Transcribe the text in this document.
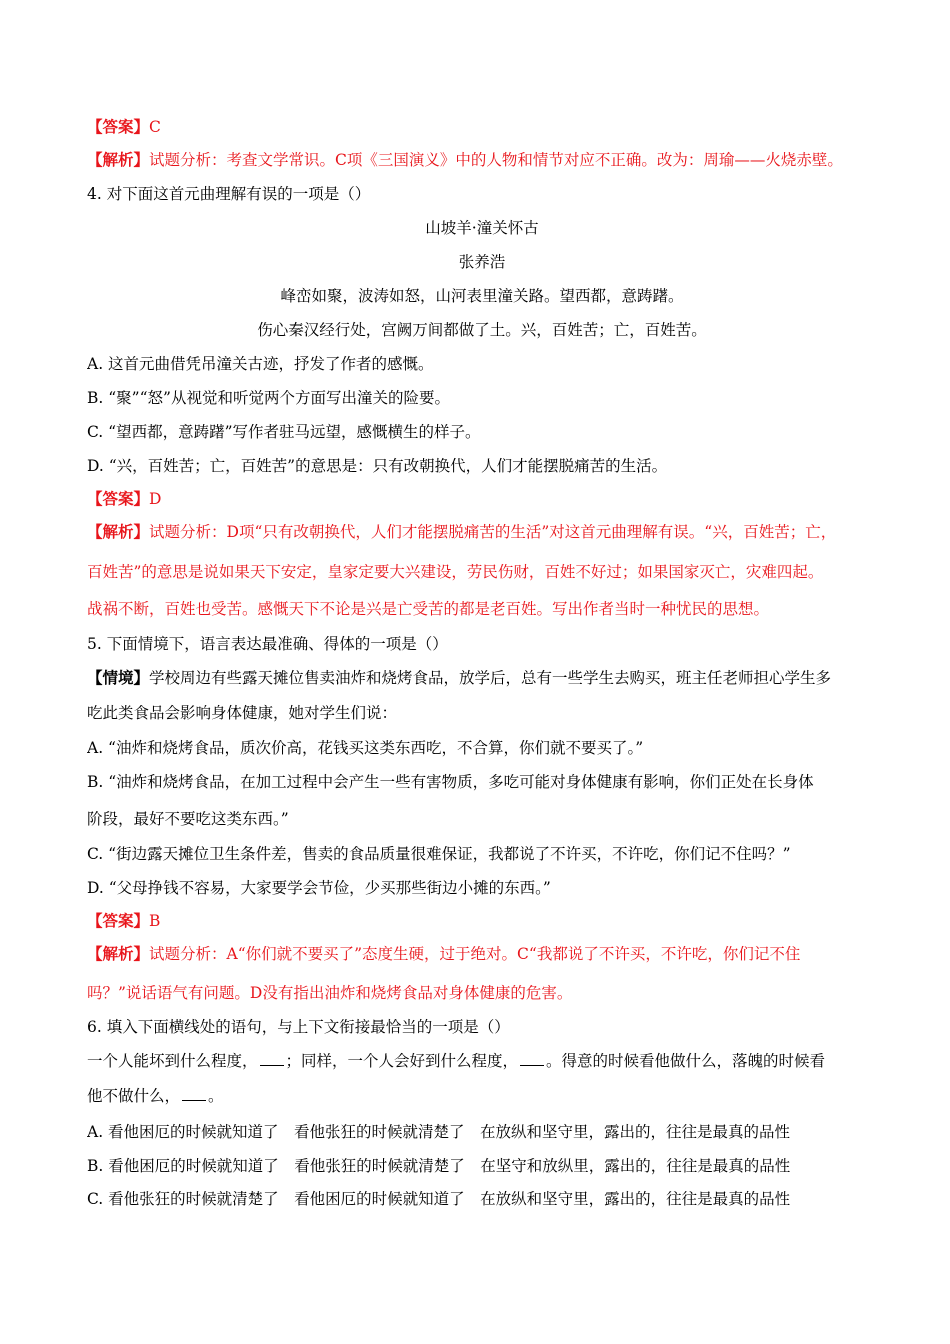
【答案】C
【解析】试题分析：考查文学常识。C项《三国演义》中的人物和情节对应不正确。改为：周瑜——火烧赤壁。
4. 对下面这首元曲理解有误的一项是（）
山坡羊·潼关怀古
张养浩
峰峦如聚，波涛如怒，山河表里潼关路。望西都，意踌躇。
伤心秦汉经行处，宫阙万间都做了土。兴，百姓苦；亡，百姓苦。
A. 这首元曲借凭吊潼关古迹，抒发了作者的感慨。
B. “聚”“怒”从视觉和听觉两个方面写出潼关的险要。
C. “望西都，意踌躇”写作者驻马远望，感慨横生的样子。
D. “兴，百姓苦；亡，百姓苦”的意思是：只有改朝换代，人们才能摆脱痛苦的生活。
【答案】D
【解析】试题分析：D项“只有改朝换代，人们才能摆脱痛苦的生活”对这首元曲理解有误。“兴，百姓苦；亡，
百姓苦”的意思是说如果天下安定，皇家定要大兴建设，劳民伤财，百姓不好过；如果国家灭亡，灾难四起。
战祸不断，百姓也受苦。感慨天下不论是兴是亡受苦的都是老百姓。写出作者当时一种忧民的思想。
5. 下面情境下，语言表达最准确、得体的一项是（）
【情境】学校周边有些露天摊位售卖油炸和烧烤食品，放学后，总有一些学生去购买，班主任老师担心学生多
吃此类食品会影响身体健康，她对学生们说：
A. “油炸和烧烤食品，质次价高，花钱买这类东西吃，不合算，你们就不要买了。”
B. “油炸和烧烤食品，在加工过程中会产生一些有害物质，多吃可能对身体健康有影响，你们正处在长身体
阶段，最好不要吃这类东西。”
C. “街边露天摊位卫生条件差，售卖的食品质量很难保证，我都说了不许买，不许吃，你们记不住吗？”
D. “父母挣钱不容易，大家要学会节俭，少买那些街边小摊的东西。”
【答案】B
【解析】试题分析：A“你们就不要买了”态度生硬，过于绝对。C“我都说了不许买，不许吃，你们记不住
吗？”说话语气有问题。D没有指出油炸和烧烤食品对身体健康的危害。
6. 填入下面横线处的语句，与上下文衔接最恰当的一项是（）
一个人能坏到什么程度， ；同样，一个人会好到什么程度， 。得意的时候看他做什么，落魄的时候看
他不做什么， 。
A. 看他困厄的时候就知道了　看他张狂的时候就清楚了　在放纵和坚守里，露出的，往往是最真的品性
B. 看他困厄的时候就知道了　看他张狂的时候就清楚了　在坚守和放纵里，露出的，往往是最真的品性
C. 看他张狂的时候就清楚了　看他困厄的时候就知道了　在放纵和坚守里，露出的，往往是最真的品性
